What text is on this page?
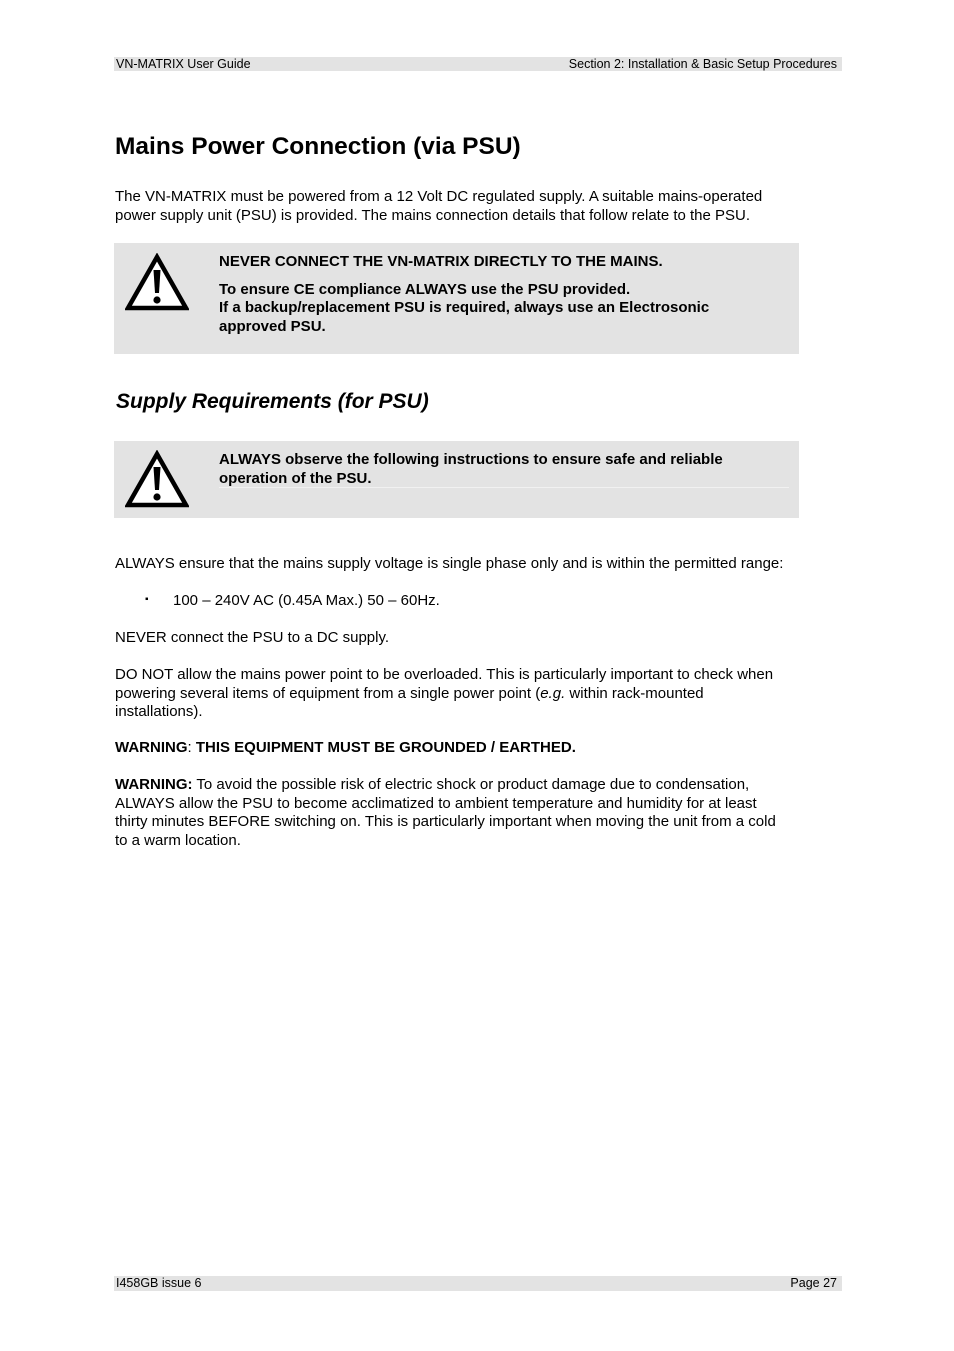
VN-MATRIX User Guide	Section 2: Installation & Basic Setup Procedures
Mains Power Connection (via PSU)
The VN-MATRIX must be powered from a 12 Volt DC regulated supply. A suitable mains-operated
power supply unit (PSU) is provided. The mains connection details that follow relate to the PSU.

NEVER CONNECT THE VN-MATRIX DIRECTLY TO THE MAINS.

To ensure CE compliance ALWAYS use the PSU provided.

If a backup/replacement PSU is required, always use an Electrosonic

approved PSU.

Supply Requirements (for PSU)

ALWAYS observe the following instructions to ensure safe and reliable

operation of the PSU.

ALWAYS ensure that the mains supply voltage is single phase only and is within the permitted range:
▪ 100 – 240V AC (0.45A Max.) 50 – 60Hz.
NEVER connect the PSU to a DC supply.
DO NOT allow the mains power point to be overloaded. This is particularly important to check when
powering several items of equipment from a single power point (e.g. within rack-mounted
installations).
WARNING: THIS EQUIPMENT MUST BE GROUNDED / EARTHED.
WARNING: To avoid the possible risk of electric shock or product damage due to condensation,
ALWAYS allow the PSU to become acclimatized to ambient temperature and humidity for at least
thirty minutes BEFORE switching on. This is particularly important when moving the unit from a cold
to a warm location.
I458GB issue 6	Page 27
